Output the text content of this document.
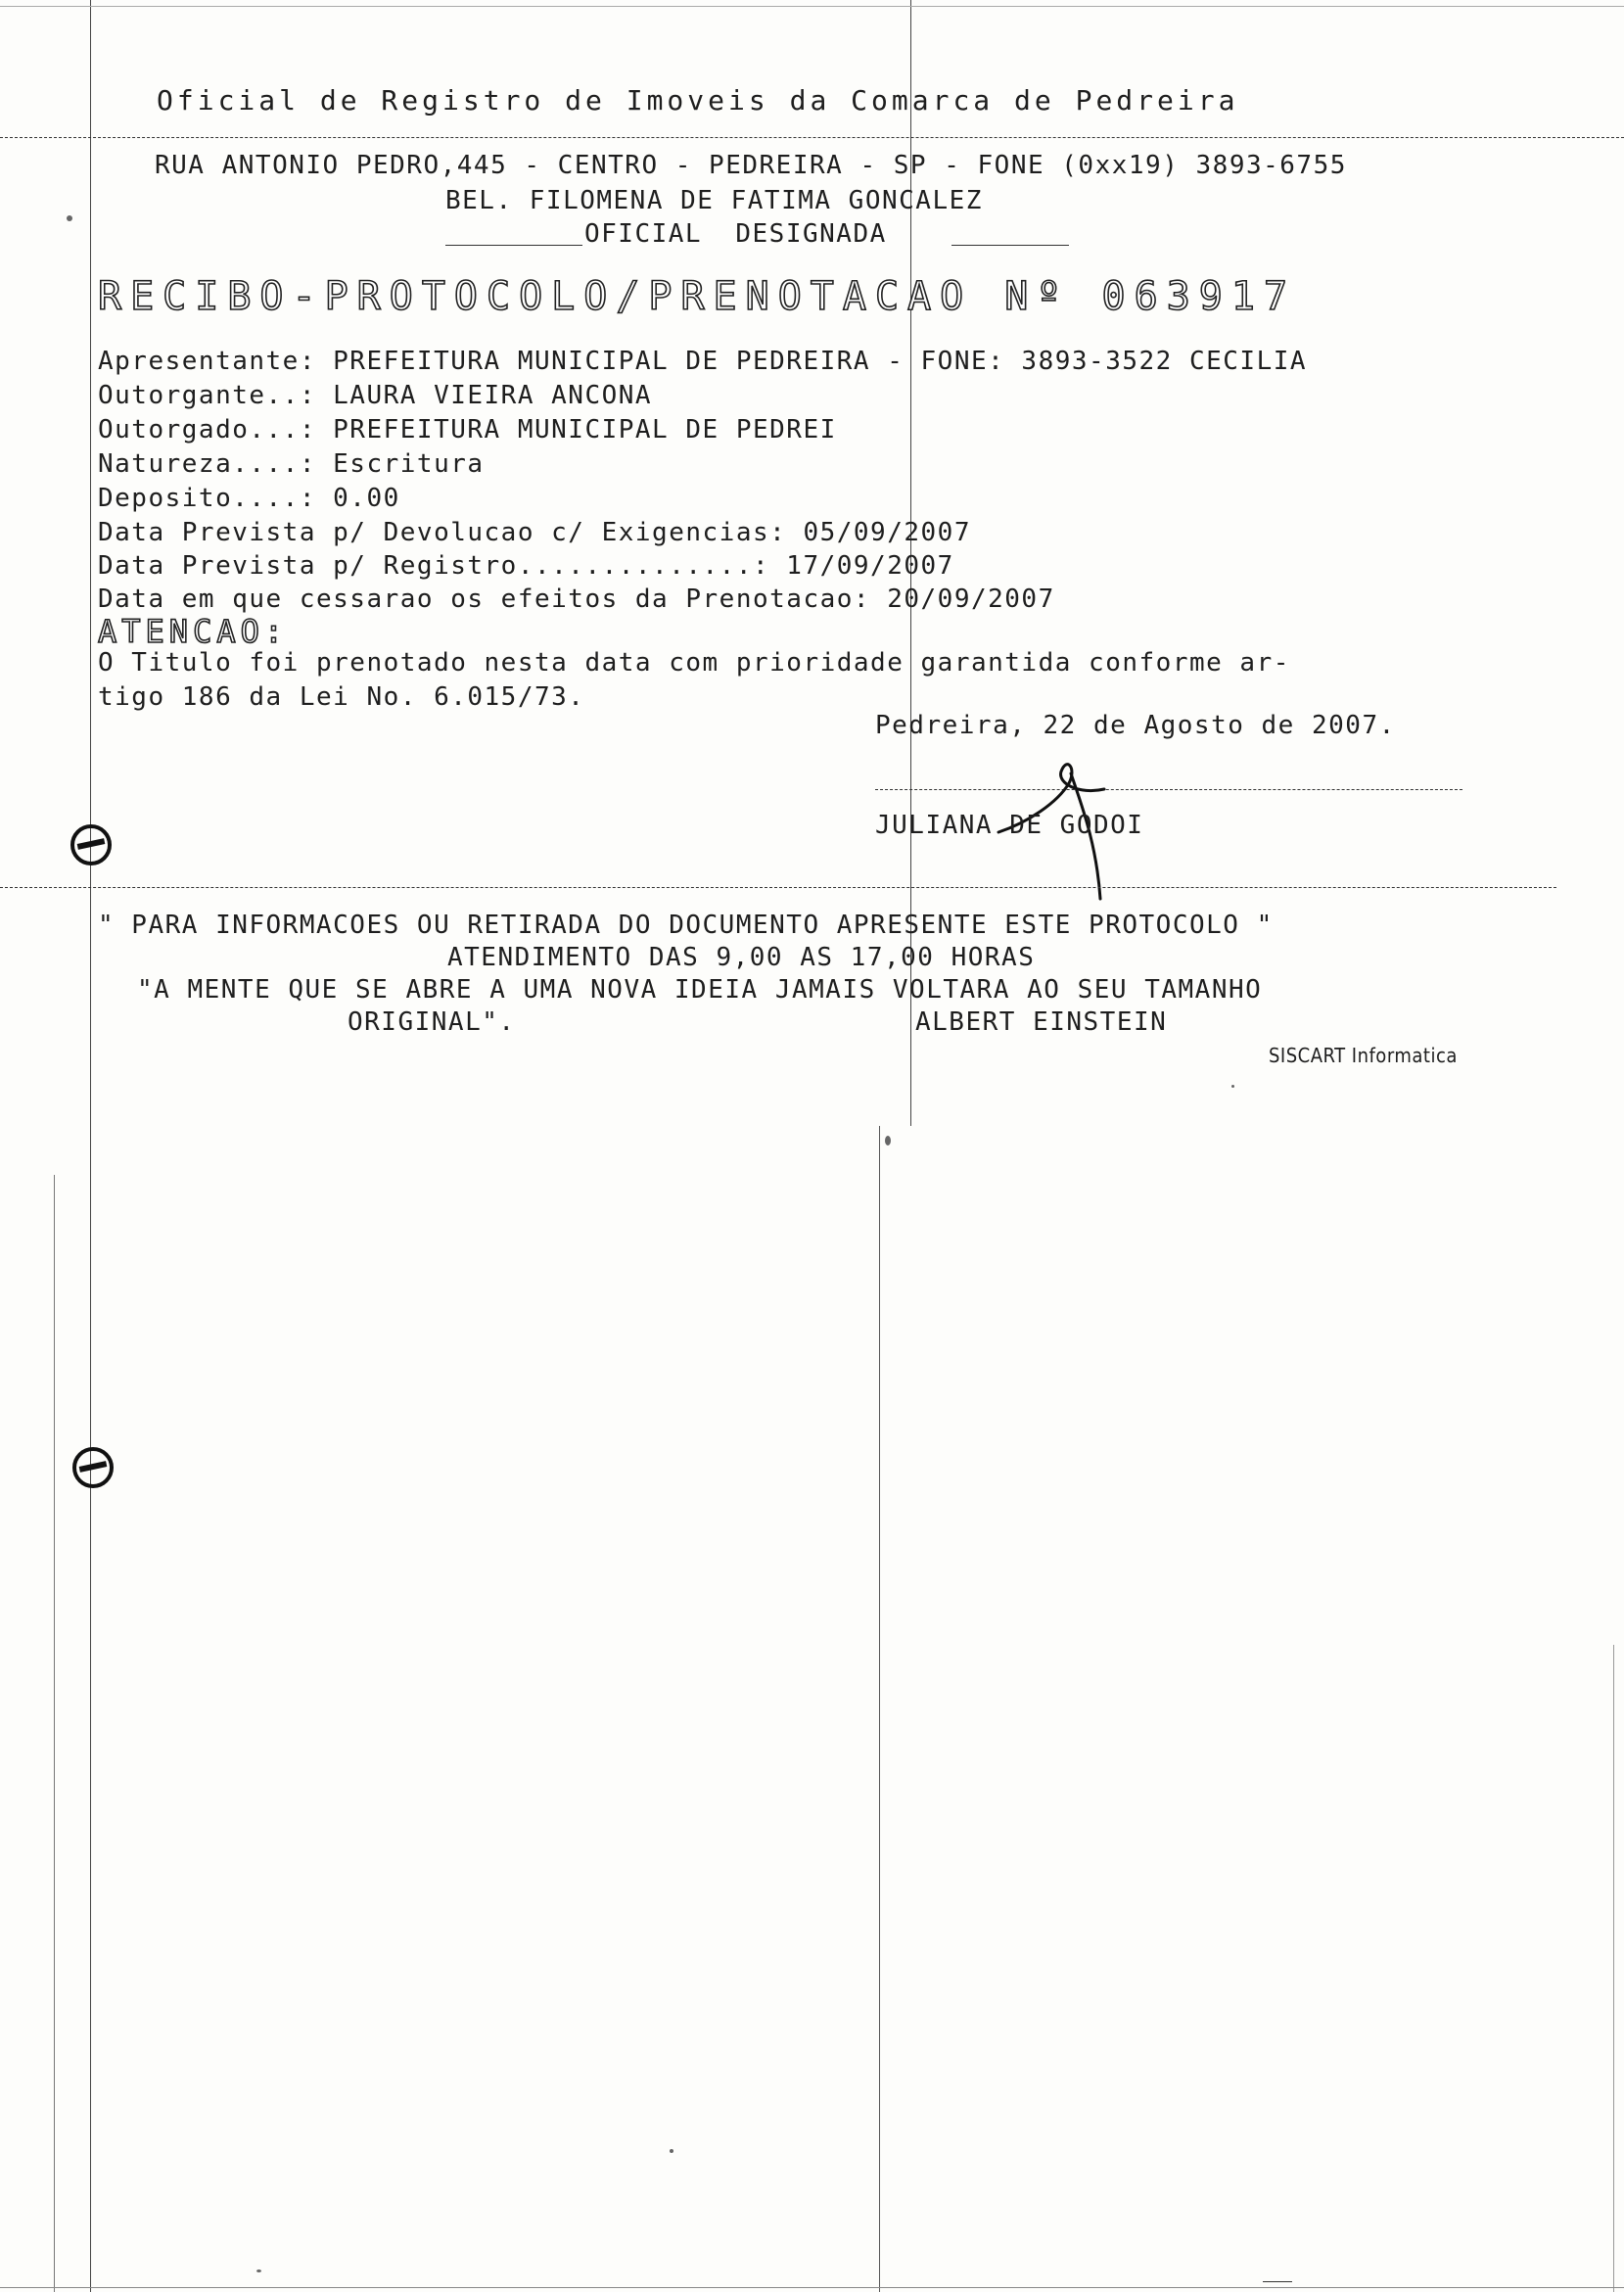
Oficial de Registro de Imoveis da Comarca de Pedreira
RUA ANTONIO PEDRO,445 - CENTRO - PEDREIRA - SP - FONE (0xx19) 3893-6755
BEL. FILOMENA DE FATIMA GONCALEZ
OFICIAL  DESIGNADA
RECIBO-PROTOCOLO/PRENOTACAO Nº 063917
Apresentante: PREFEITURA MUNICIPAL DE PEDREIRA - FONE: 3893-3522 CECILIA
Outorgante..: LAURA VIEIRA ANCONA
Outorgado...: PREFEITURA MUNICIPAL DE PEDREI
Natureza....: Escritura
Deposito....: 0.00
Data Prevista p/ Devolucao c/ Exigencias: 05/09/2007
Data Prevista p/ Registro..............: 17/09/2007
Data em que cessarao os efeitos da Prenotacao: 20/09/2007
ATENCAO:
O Titulo foi prenotado nesta data com prioridade garantida conforme ar-
tigo 186 da Lei No. 6.015/73.
Pedreira, 22 de Agosto de 2007.
JULIANA DE GODOI
" PARA INFORMACOES OU RETIRADA DO DOCUMENTO APRESENTE ESTE PROTOCOLO "
ATENDIMENTO DAS 9,00 AS 17,00 HORAS
"A MENTE QUE SE ABRE A UMA NOVA IDEIA JAMAIS VOLTARA AO SEU TAMANHO
ORIGINAL".	ALBERT EINSTEIN
SISCART Informatica
